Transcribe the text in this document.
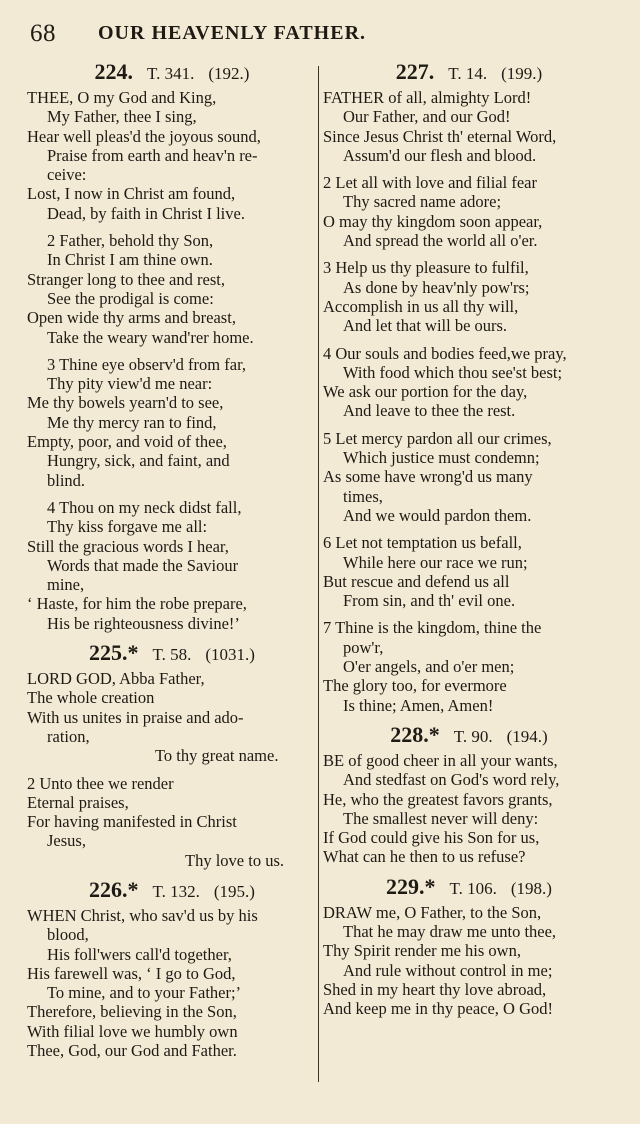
68 OUR HEAVENLY FATHER.
224. T. 341. (192.)
THEE, O my God and King,
My Father, thee I sing,
Hear well pleas'd the joyous sound,
Praise from earth and heav'n re-
ceive:
Lost, I now in Christ am found,
Dead, by faith in Christ I live.
2 Father, behold thy Son,
In Christ I am thine own.
Stranger long to thee and rest,
See the prodigal is come:
Open wide thy arms and breast,
Take the weary wand'rer home.
3 Thine eye observ'd from far,
Thy pity view'd me near:
Me thy bowels yearn'd to see,
Me thy mercy ran to find,
Empty, poor, and void of thee,
Hungry, sick, and faint, and
blind.
4 Thou on my neck didst fall,
Thy kiss forgave me all:
Still the gracious words I hear,
Words that made the Saviour
mine,
‘ Haste, for him the robe prepare,
His be righteousness divine!’
225.* T. 58. (1031.)
LORD GOD, Abba Father,
The whole creation
With us unites in praise and ado-
ration,
To thy great name.
2 Unto thee we render
Eternal praises,
For having manifested in Christ
Jesus,
Thy love to us.
226.* T. 132. (195.)
WHEN Christ, who sav'd us by his
blood,
His foll'wers call'd together,
His farewell was, ‘ I go to God,
To mine, and to your Father;’
Therefore, believing in the Son,
With filial love we humbly own
Thee, God, our God and Father.
227. T. 14. (199.)
FATHER of all, almighty Lord!
Our Father, and our God!
Since Jesus Christ th' eternal Word,
Assum'd our flesh and blood.
2 Let all with love and filial fear
Thy sacred name adore;
O may thy kingdom soon appear,
And spread the world all o'er.
3 Help us thy pleasure to fulfil,
As done by heav'nly pow'rs;
Accomplish in us all thy will,
And let that will be ours.
4 Our souls and bodies feed,we pray,
With food which thou see'st best;
We ask our portion for the day,
And leave to thee the rest.
5 Let mercy pardon all our crimes,
Which justice must condemn;
As some have wrong'd us many
times,
And we would pardon them.
6 Let not temptation us befall,
While here our race we run;
But rescue and defend us all
From sin, and th' evil one.
7 Thine is the kingdom, thine the
pow'r,
O'er angels, and o'er men;
The glory too, for evermore
Is thine; Amen, Amen!
228.* T. 90. (194.)
BE of good cheer in all your wants,
And stedfast on God's word rely,
He, who the greatest favors grants,
The smallest never will deny:
If God could give his Son for us,
What can he then to us refuse?
229.* T. 106. (198.)
DRAW me, O Father, to the Son,
That he may draw me unto thee,
Thy Spirit render me his own,
And rule without control in me;
Shed in my heart thy love abroad,
And keep me in thy peace, O God!
